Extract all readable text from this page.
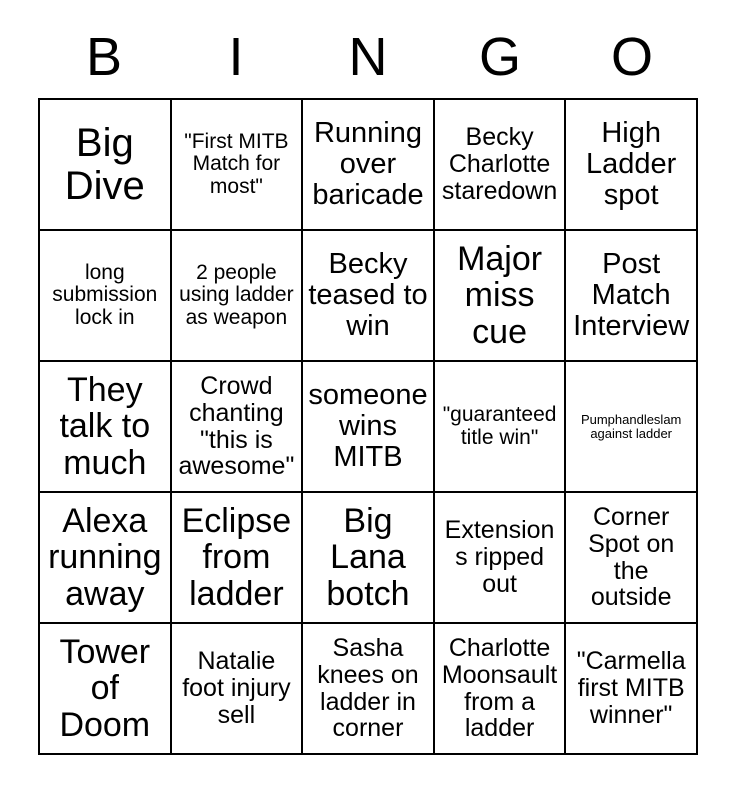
B	I	N	G	O
Big Dive
"First MITB Match for most"
Running over baricade
Becky Charlotte staredown
High Ladder spot
long submission lock in
2 people using ladder as weapon
Becky teased to win
Major miss cue
Post Match Interview
They talk to much
Crowd chanting "this is awesome"
someone wins MITB
"guaranteed title win"
Pumphandleslam against ladder
Alexa running away
Eclipse from ladder
Big Lana botch
Extensions ripped out
Corner Spot on the outside
Tower of Doom
Natalie foot injury sell
Sasha knees on ladder in corner
Charlotte Moonsault from a ladder
"Carmella first MITB winner"
